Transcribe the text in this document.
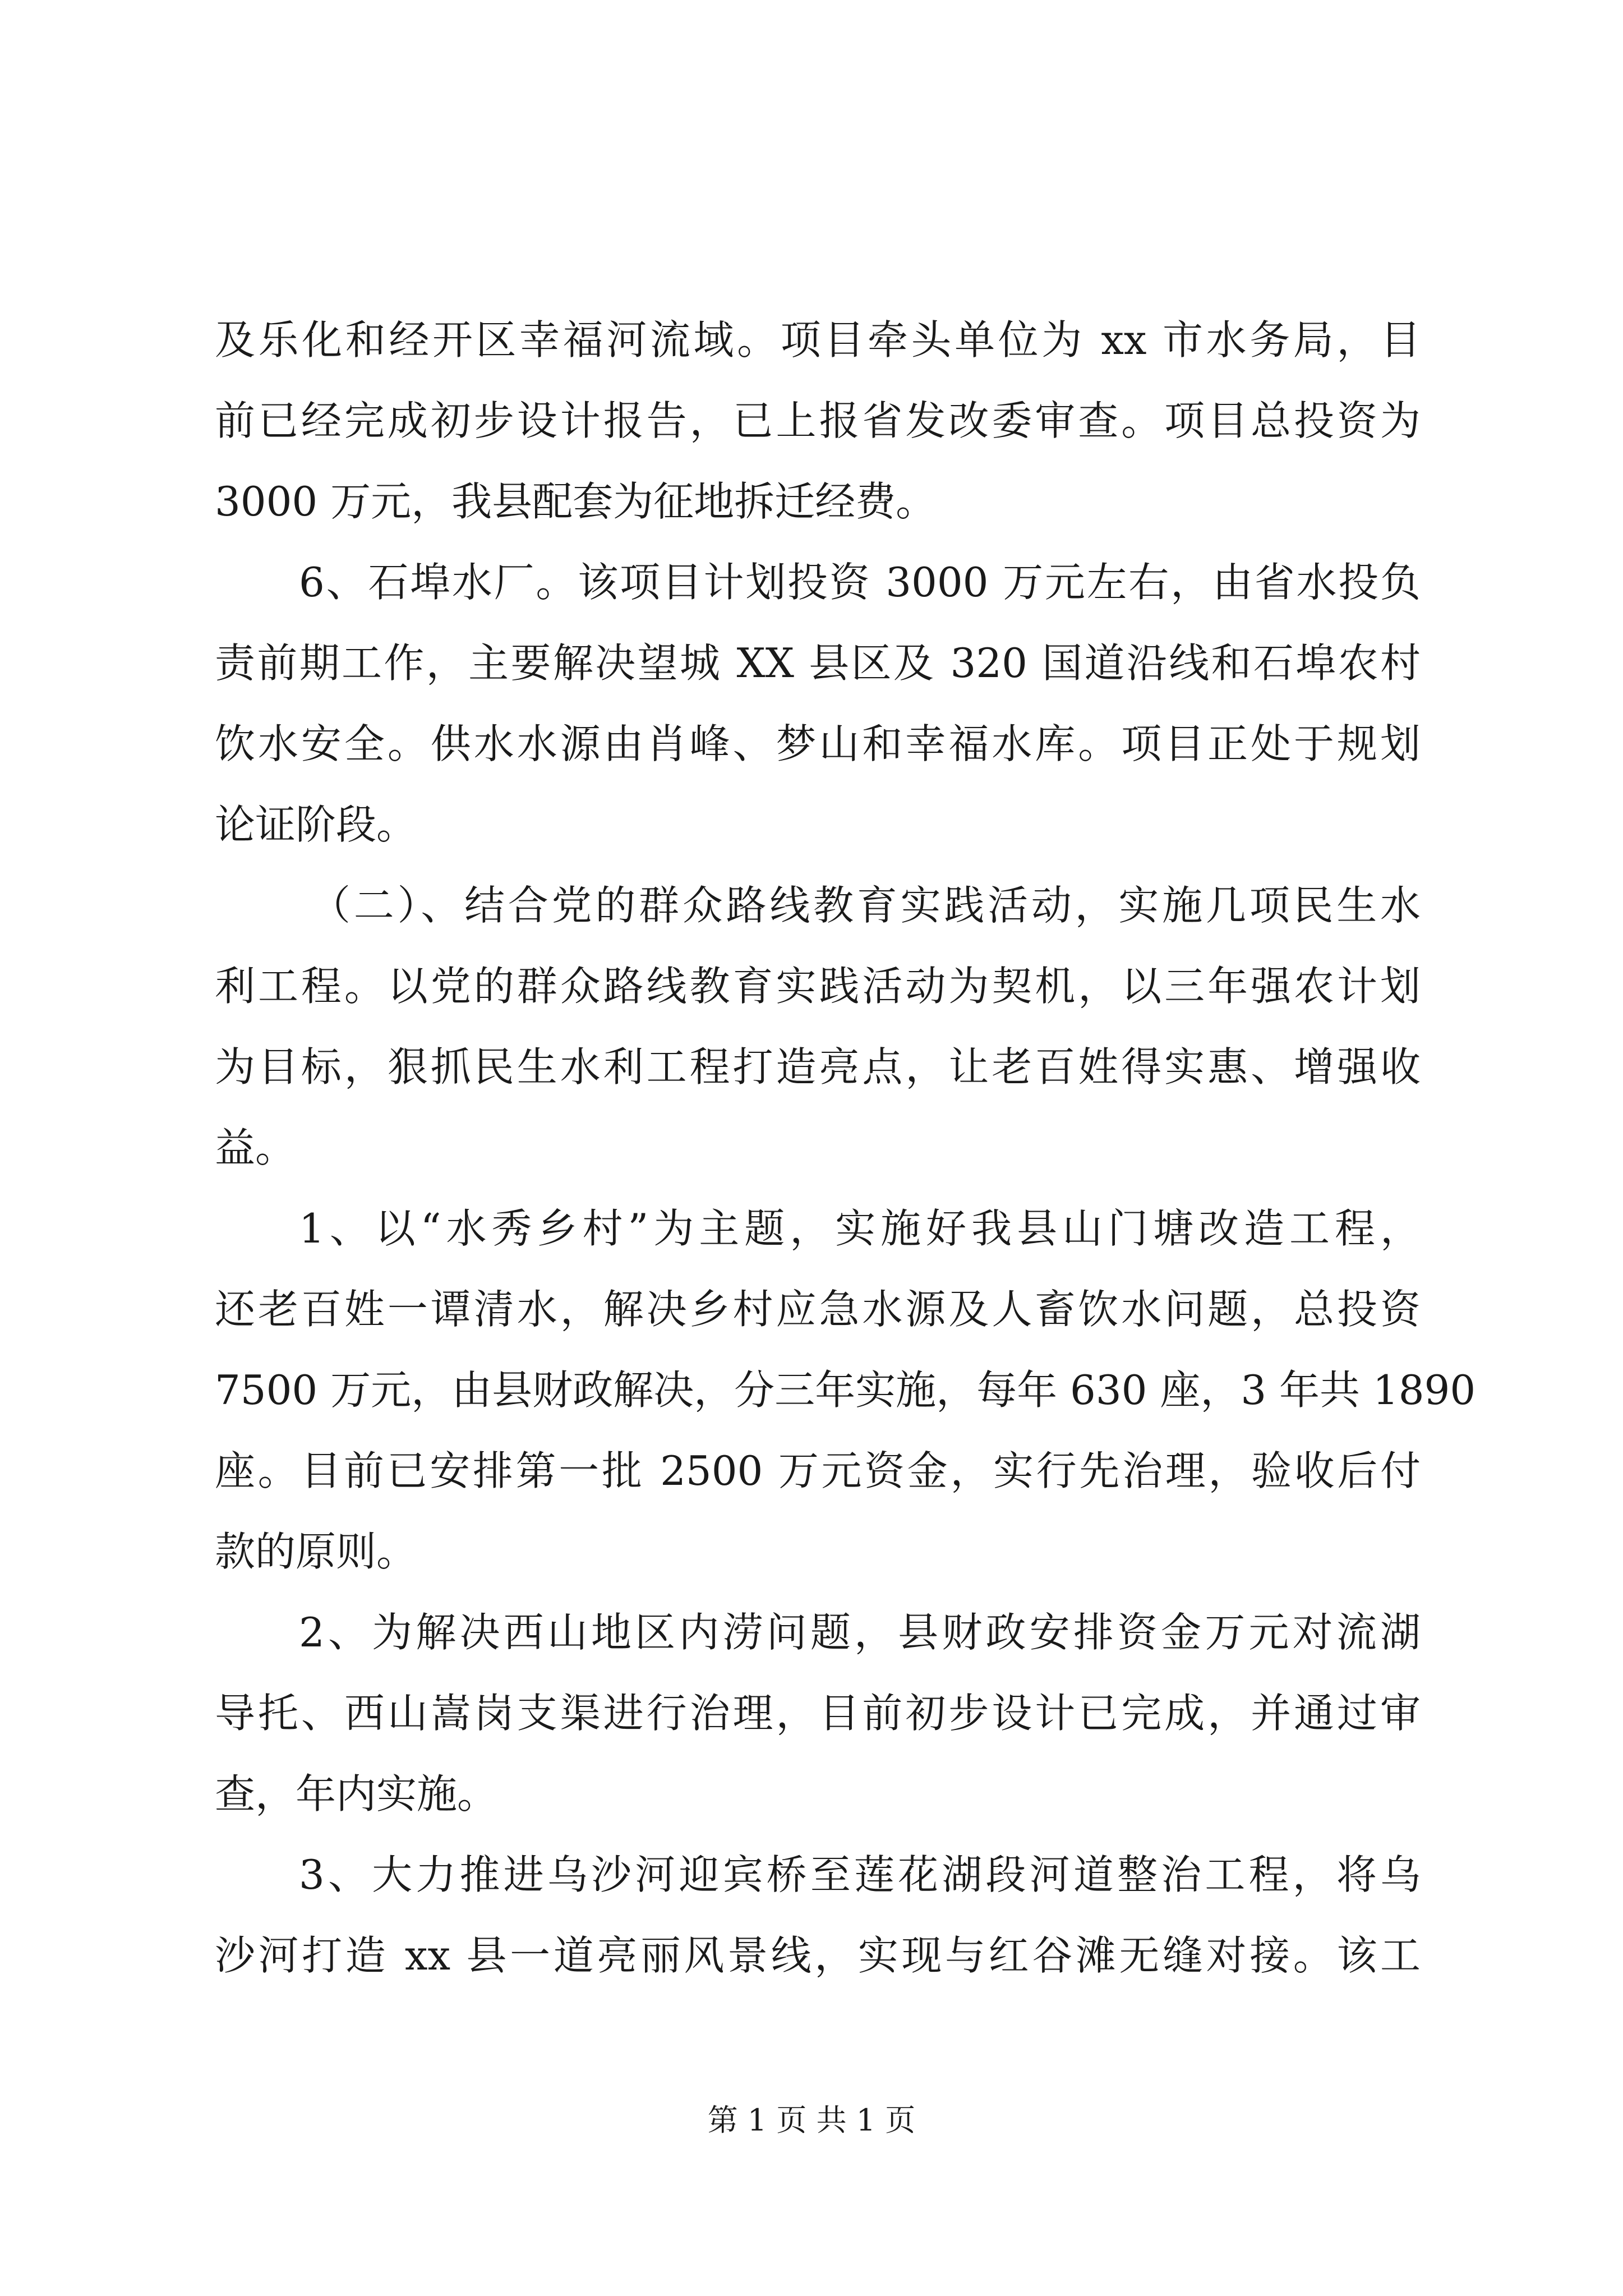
及乐化和经开区幸福河流域。项目牵头单位为 xx 市水务局，目
前已经完成初步设计报告，已上报省发改委审查。项目总投资为
3000 万元，我县配套为征地拆迁经费。
6、石埠水厂。该项目计划投资 3000 万元左右，由省水投负
责前期工作，主要解决望城 XX 县区及 320 国道沿线和石埠农村
饮水安全。供水水源由肖峰、梦山和幸福水库。项目正处于规划
论证阶段。
（二）、结合党的群众路线教育实践活动，实施几项民生水
利工程。以党的群众路线教育实践活动为契机，以三年强农计划
为目标，狠抓民生水利工程打造亮点，让老百姓得实惠、增强收
益。
1、以“水秀乡村”为主题，实施好我县山门塘改造工程，
还老百姓一谭清水，解决乡村应急水源及人畜饮水问题，总投资
7500 万元，由县财政解决，分三年实施，每年 630 座，3 年共 1890
座。目前已安排第一批 2500 万元资金，实行先治理，验收后付
款的原则。
2、为解决西山地区内涝问题，县财政安排资金万元对流湖
导托、西山嵩岗支渠进行治理，目前初步设计已完成，并通过审
查，年内实施。
3、大力推进乌沙河迎宾桥至莲花湖段河道整治工程，将乌
沙河打造 xx 县一道亮丽风景线，实现与红谷滩无缝对接。该工
第 1 页 共 1 页
